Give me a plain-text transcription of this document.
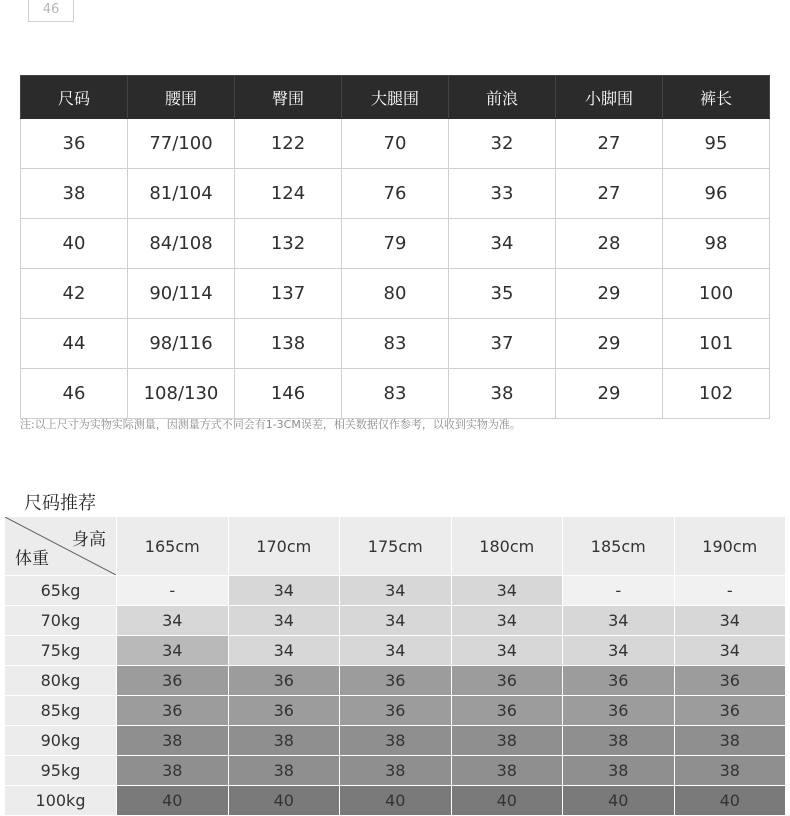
46
尺码	腰围	臀围	大腿围	前浪	小脚围	裤长
36	77/100	122	70	32	27	95
38	81/104	124	76	33	27	96
40	84/108	132	79	34	28	98
42	90/114	137	80	35	29	100
44	98/116	138	83	37	29	101
46	108/130	146	83	38	29	102
注:以上尺寸为实物实际测量，因测量方式不同会有1-3CM误差，相关数据仅作参考，以收到实物为准。
尺码推荐
身高
体重	165cm	170cm	175cm	180cm	185cm	190cm
65kg	-	34	34	34	-	-
70kg	34	34	34	34	34	34
75kg	34	34	34	34	34	34
80kg	36	36	36	36	36	36
85kg	36	36	36	36	36	36
90kg	38	38	38	38	38	38
95kg	38	38	38	38	38	38
100kg	40	40	40	40	40	40
